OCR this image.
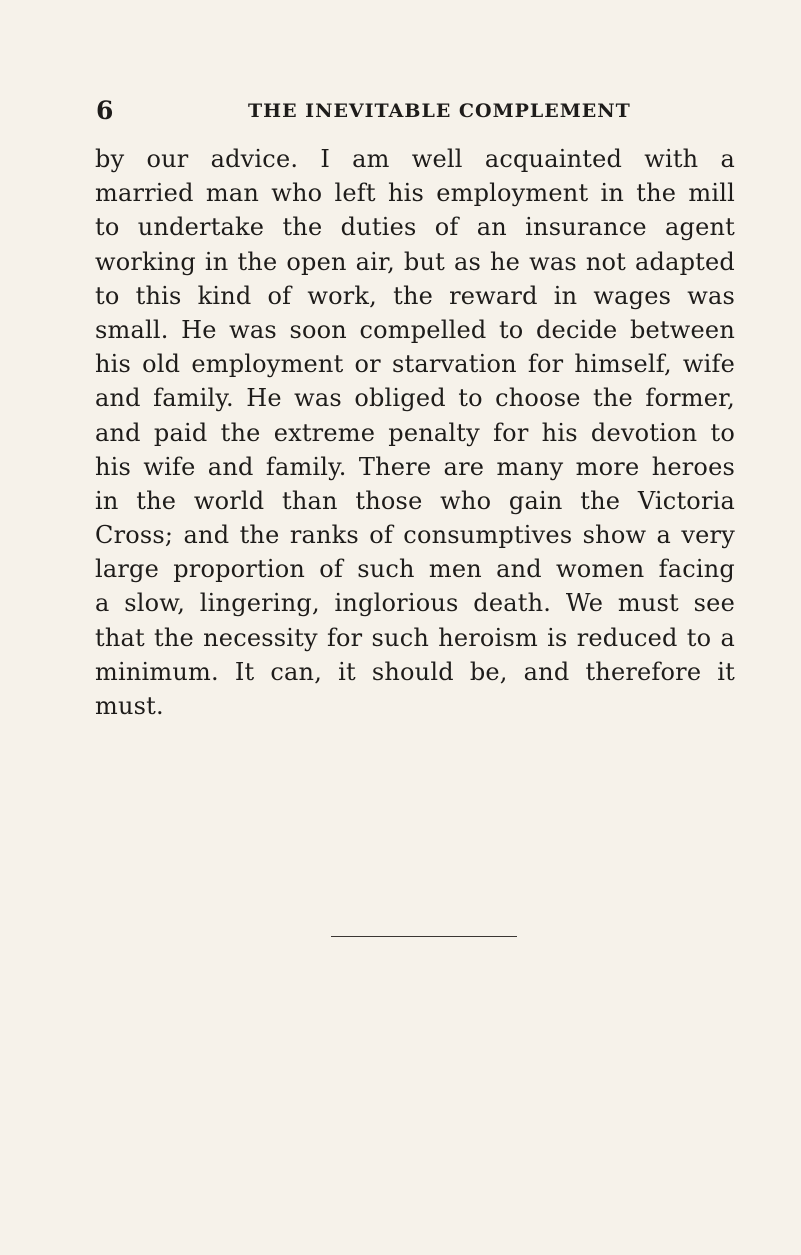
6	THE INEVITABLE COMPLEMENT
by our advice. I am well acquainted with a
married man who left his employment in the mill
to undertake the duties of an insurance agent
working in the open air, but as he was not adapted
to this kind of work, the reward in wages was
small. He was soon compelled to decide between
his old employment or starvation for himself, wife
and family. He was obliged to choose the former,
and paid the extreme penalty for his devotion to
his wife and family. There are many more heroes
in the world than those who gain the Victoria
Cross; and the ranks of consumptives show a very
large proportion of such men and women facing
a slow, lingering, inglorious death. We must see
that the necessity for such heroism is reduced to a
minimum. It can, it should be, and therefore it
must.
